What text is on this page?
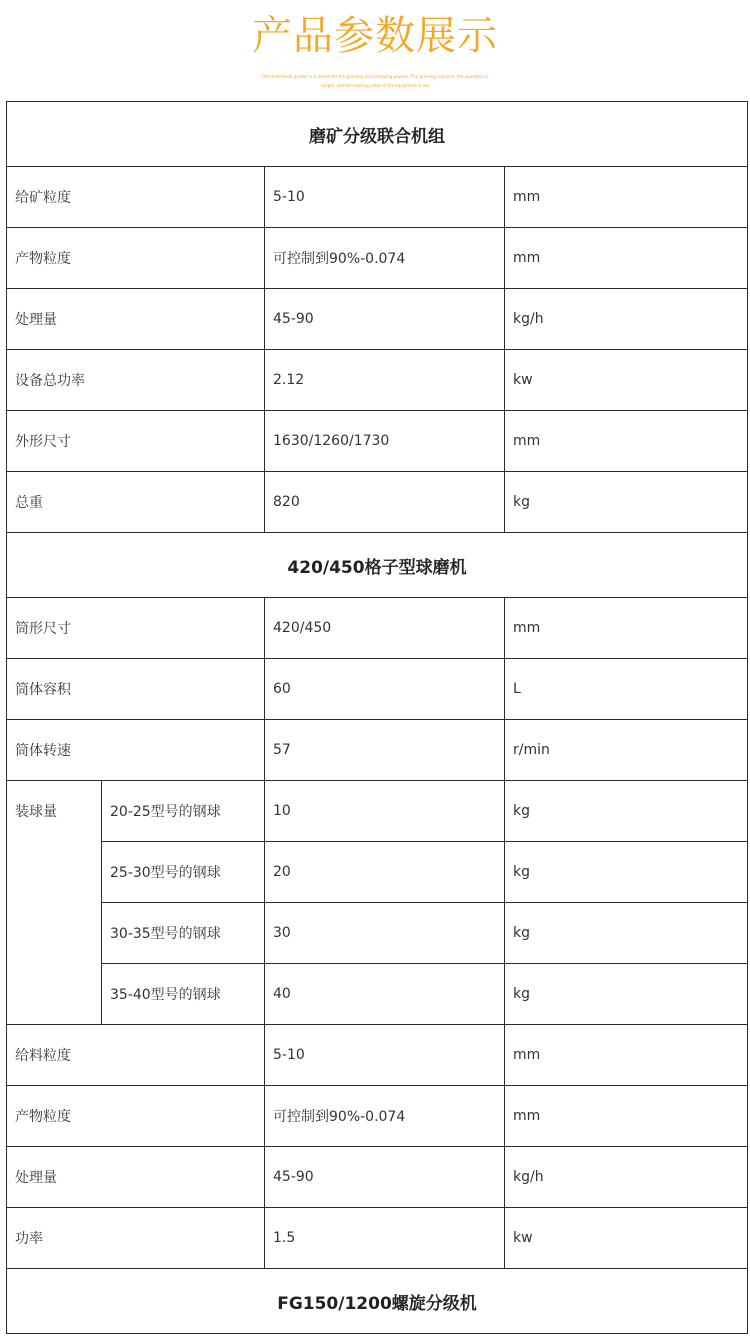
产品参数展示
The three-head grinder is a device for the grinding and analyzing powder. The grinding machine, the operation is
simple, and the treating value of the equipment is low
磨矿分级联合机组			
给矿粒度		5-10	mm
产物粒度		可控制到90%-0.074	mm
处理量		45-90	kg/h
设备总功率		2.12	kw
外形尺寸		1630/1260/1730	mm
总重		820	kg
420/450格子型球磨机			
筒形尺寸		420/450	mm
筒体容积		60	L
筒体转速		57	r/min
装球量	20-25型号的钢球	10	kg
	25-30型号的钢球	20	kg
	30-35型号的钢球	30	kg
	35-40型号的钢球	40	kg
给料粒度		5-10	mm
产物粒度		可控制到90%-0.074	mm
处理量		45-90	kg/h
功率		1.5	kw
FG150/1200螺旋分级机			
